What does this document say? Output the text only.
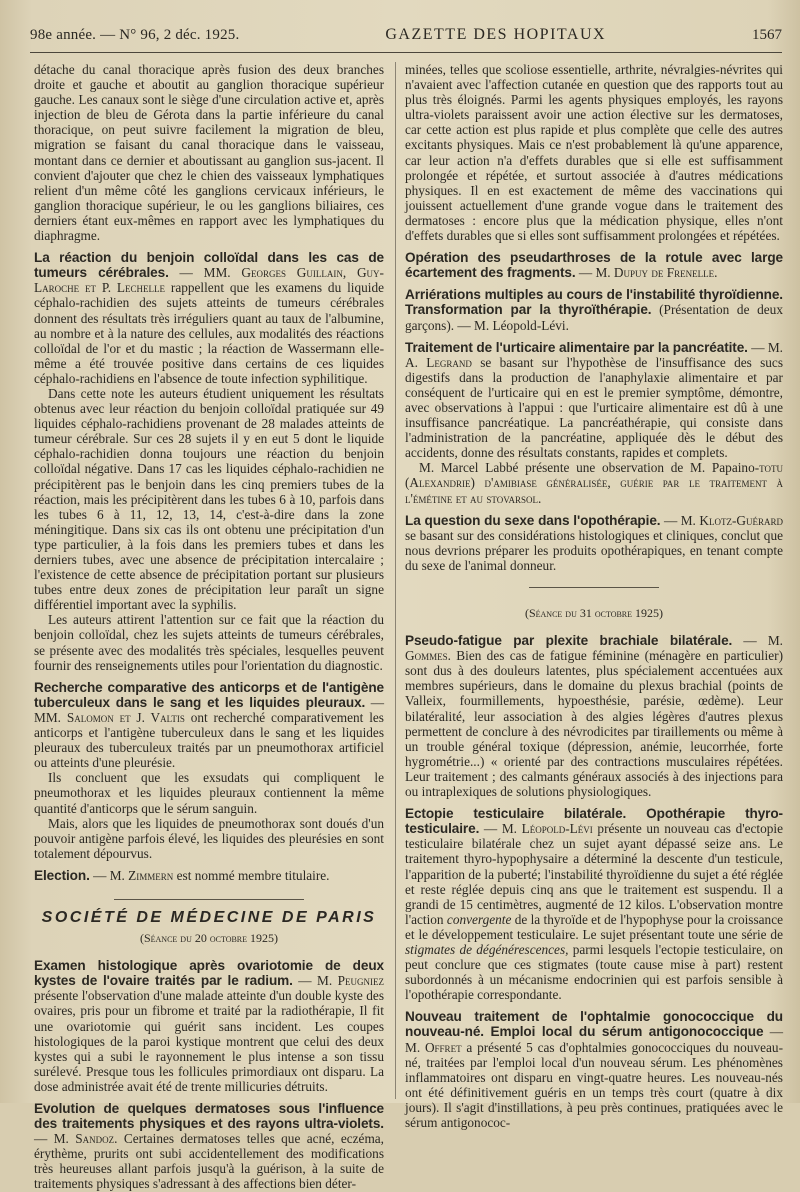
98e année. — N° 96, 2 déc. 1925.	GAZETTE DES HOPITAUX	1567

détache du canal thoracique après fusion des deux branches droite et gauche et aboutit au ganglion thoracique supérieur gauche. Les canaux sont le siège d'une circulation active et, après injection de bleu de Gérota dans la partie inférieure du canal thoracique, on peut suivre facilement la migration de bleu, migration se faisant du canal thoracique dans le vaisseau, montant dans ce dernier et aboutissant au ganglion sus-jacent. Il convient d'ajouter que chez le chien des vaisseaux lymphatiques relient d'un même côté les ganglions cervicaux inférieurs, le ganglion thoracique supérieur, le ou les ganglions biliaires, ces derniers étant eux-mêmes en rapport avec les lymphatiques du diaphragme.

La réaction du benjoin colloïdal dans les cas de tumeurs cérébrales. — MM. Georges Guillain, Guy-Laroche et P. Lechelle rappellent que les examens du liquide céphalo-rachidien des sujets atteints de tumeurs cérébrales donnent des résultats très irréguliers quant au taux de l'albumine, au nombre et à la nature des cellules, aux modalités des réactions colloïdal de l'or et du mastic ; la réaction de Wassermann elle-même a été trouvée positive dans certains de ces liquides céphalo-rachidiens en l'absence de toute infection syphilitique.

Dans cette note les auteurs étudient uniquement les résultats obtenus avec leur réaction du benjoin colloïdal pratiquée sur 49 liquides céphalo-rachidiens provenant de 28 malades atteints de tumeur cérébrale. Sur ces 28 sujets il y en eut 5 dont le liquide céphalo-rachidien donna toujours une réaction du benjoin colloïdal négative. Dans 17 cas les liquides céphalo-rachidien ne précipitèrent pas le benjoin dans les cinq premiers tubes de la réaction, mais les précipitèrent dans les tubes 6 à 10, parfois dans les tubes 6 à 11, 12, 13, 14, c'est-à-dire dans la zone méningitique. Dans six cas ils ont obtenu une précipitation d'un type particulier, à la fois dans les premiers tubes et dans les derniers tubes, avec une absence de précipitation intercalaire ; l'existence de cette absence de précipitation portant sur plusieurs tubes entre deux zones de précipitation leur paraît un signe différentiel important avec la syphilis.

Les auteurs attirent l'attention sur ce fait que la réaction du benjoin colloïdal, chez les sujets atteints de tumeurs cérébrales, se présente avec des modalités très spéciales, lesquelles peuvent fournir des renseignements utiles pour l'orientation du diagnostic.

Recherche comparative des anticorps et de l'antigène tuberculeux dans le sang et les liquides pleuraux. — MM. Salomon et J. Valtis ont recherché comparativement les anticorps et l'antigène tuberculeux dans le sang et les liquides pleuraux des tuberculeux traités par un pneumothorax artificiel ou atteints d'une pleurésie.

Ils concluent que les exsudats qui compliquent le pneumothorax et les liquides pleuraux contiennent la même quantité d'anticorps que le sérum sanguin.

Mais, alors que les liquides de pneumothorax sont doués d'un pouvoir antigène parfois élevé, les liquides des pleurésies en sont totalement dépourvus.

Election. — M. Zimmern est nommé membre titulaire.

SOCIÉTÉ DE MÉDECINE DE PARIS
(Séance du 20 octobre 1925)

Examen histologique après ovariotomie de deux kystes de l'ovaire traités par le radium. — M. Peugniez présente l'observation d'une malade atteinte d'un double kyste des ovaires, pris pour un fibrome et traité par la radiothérapie, Il fit une ovariotomie qui guérit sans incident. Les coupes histologiques de la paroi kystique montrent que celui des deux kystes qui a subi le rayonnement le plus intense a son tissu surélevé. Presque tous les follicules primordiaux ont disparu. La dose administrée avait été de trente millicuries détruits.

Evolution de quelques dermatoses sous l'influence des traitements physiques et des rayons ultra-violets. — M. Sandoz. Certaines dermatoses telles que acné, eczéma, érythème, prurits ont subi accidentellement des modifications très heureuses allant parfois jusqu'à la guérison, à la suite de traitements physiques s'adressant à des affections bien déter-

minées, telles que scoliose essentielle, arthrite, névralgies-névrites qui n'avaient avec l'affection cutanée en question que des rapports tout au plus très éloignés. Parmi les agents physiques employés, les rayons ultra-violets paraissent avoir une action élective sur les dermatoses, car cette action est plus rapide et plus complète que celle des autres excitants physiques. Mais ce n'est probablement là qu'une apparence, car leur action n'a d'effets durables que si elle est suffisamment prolongée et répétée, et surtout associée à d'autres médications physiques. Il en est exactement de même des vaccinations qui jouissent actuellement d'une grande vogue dans le traitement des dermatoses : encore plus que la médication physique, elles n'ont d'effets durables que si elles sont suffisamment prolongées et répétées.

Opération des pseudarthroses de la rotule avec large écartement des fragments. — M. Dupuy de Frenelle.

Arriérations multiples au cours de l'instabilité thyroïdienne. Transformation par la thyroïthérapie. (Présentation de deux garçons). — M. Léopold-Lévi.

Traitement de l'urticaire alimentaire par la pancréatite. — M. A. Legrand se basant sur l'hypothèse de l'insuffisance des sucs digestifs dans la production de l'anaphylaxie alimentaire et par conséquent de l'urticaire qui en est le premier symptôme, démontre, avec observations à l'appui : que l'urticaire alimentaire est dû à une insuffisance pancréatique. La pancréathérapie, qui consiste dans l'administration de la pancréatine, appliquée dès le début des accidents, donne des résultats constants, rapides et complets.

M. Marcel Labbé présente une observation de M. Papaino-totu (Alexandrie) d'amibiase généralisée, guérie par le traitement à l'émétine et au stovarsol.

La question du sexe dans l'opothérapie. — M. Klotz-Guérard se basant sur des considérations histologiques et cliniques, conclut que nous devrions préparer les produits opothérapiques, en tenant compte du sexe de l'animal donneur.

(Séance du 31 octobre 1925)

Pseudo-fatigue par plexite brachiale bilatérale. — M. Gommes. Bien des cas de fatigue féminine (ménagère en particulier) sont dus à des douleurs latentes, plus spécialement accentuées aux membres supérieurs, dans le domaine du plexus brachial (points de Valleix, fourmillements, hypoesthésie, parésie, œdème). Leur bilatéralité, leur association à des algies légères d'autres plexus permettent de conclure à des névrodicites par tiraillements ou même à un trouble général toxique (dépression, anémie, leucorrhée, forte hygrométrie...) « orienté par des contractions musculaires répétées. Leur traitement ; des calmants généraux associés à des injections para ou intraplexiques de solutions physiologiques.

Ectopie testiculaire bilatérale. Opothérapie thyro-testiculaire. — M. Léopold-Lévi présente un nouveau cas d'ectopie testiculaire bilatérale chez un sujet ayant dépassé seize ans. Le traitement thyro-hypophysaire a déterminé la descente d'un testicule, l'apparition de la puberté; l'instabilité thyroïdienne du sujet a été réglée et reste réglée depuis cinq ans que le traitement est suspendu. Il a grandi de 15 centimètres, augmenté de 12 kilos. L'observation montre l'action convergente de la thyroïde et de l'hypophyse pour la croissance et le développement testiculaire. Le sujet présentant toute une série de stigmates de dégénérescences, parmi lesquels l'ectopie testiculaire, on peut conclure que ces stigmates (toute cause mise à part) restent subordonnés à un mécanisme endocrinien qui est parfois sensible à l'opothérapie correspondante.

Nouveau traitement de l'ophtalmie gonococcique du nouveau-né. Emploi local du sérum antigonococcique — M. Offret a présenté 5 cas d'ophtalmies gonococciques du nouveau-né, traitées par l'emploi local d'un nouveau sérum. Les phénomènes inflammatoires ont disparu en vingt-quatre heures. Les nouveau-nés ont été définitivement guéris en un temps très court (quatre à dix jours). Il s'agit d'instillations, à peu près continues, pratiquées avec le sérum antigonococ-
